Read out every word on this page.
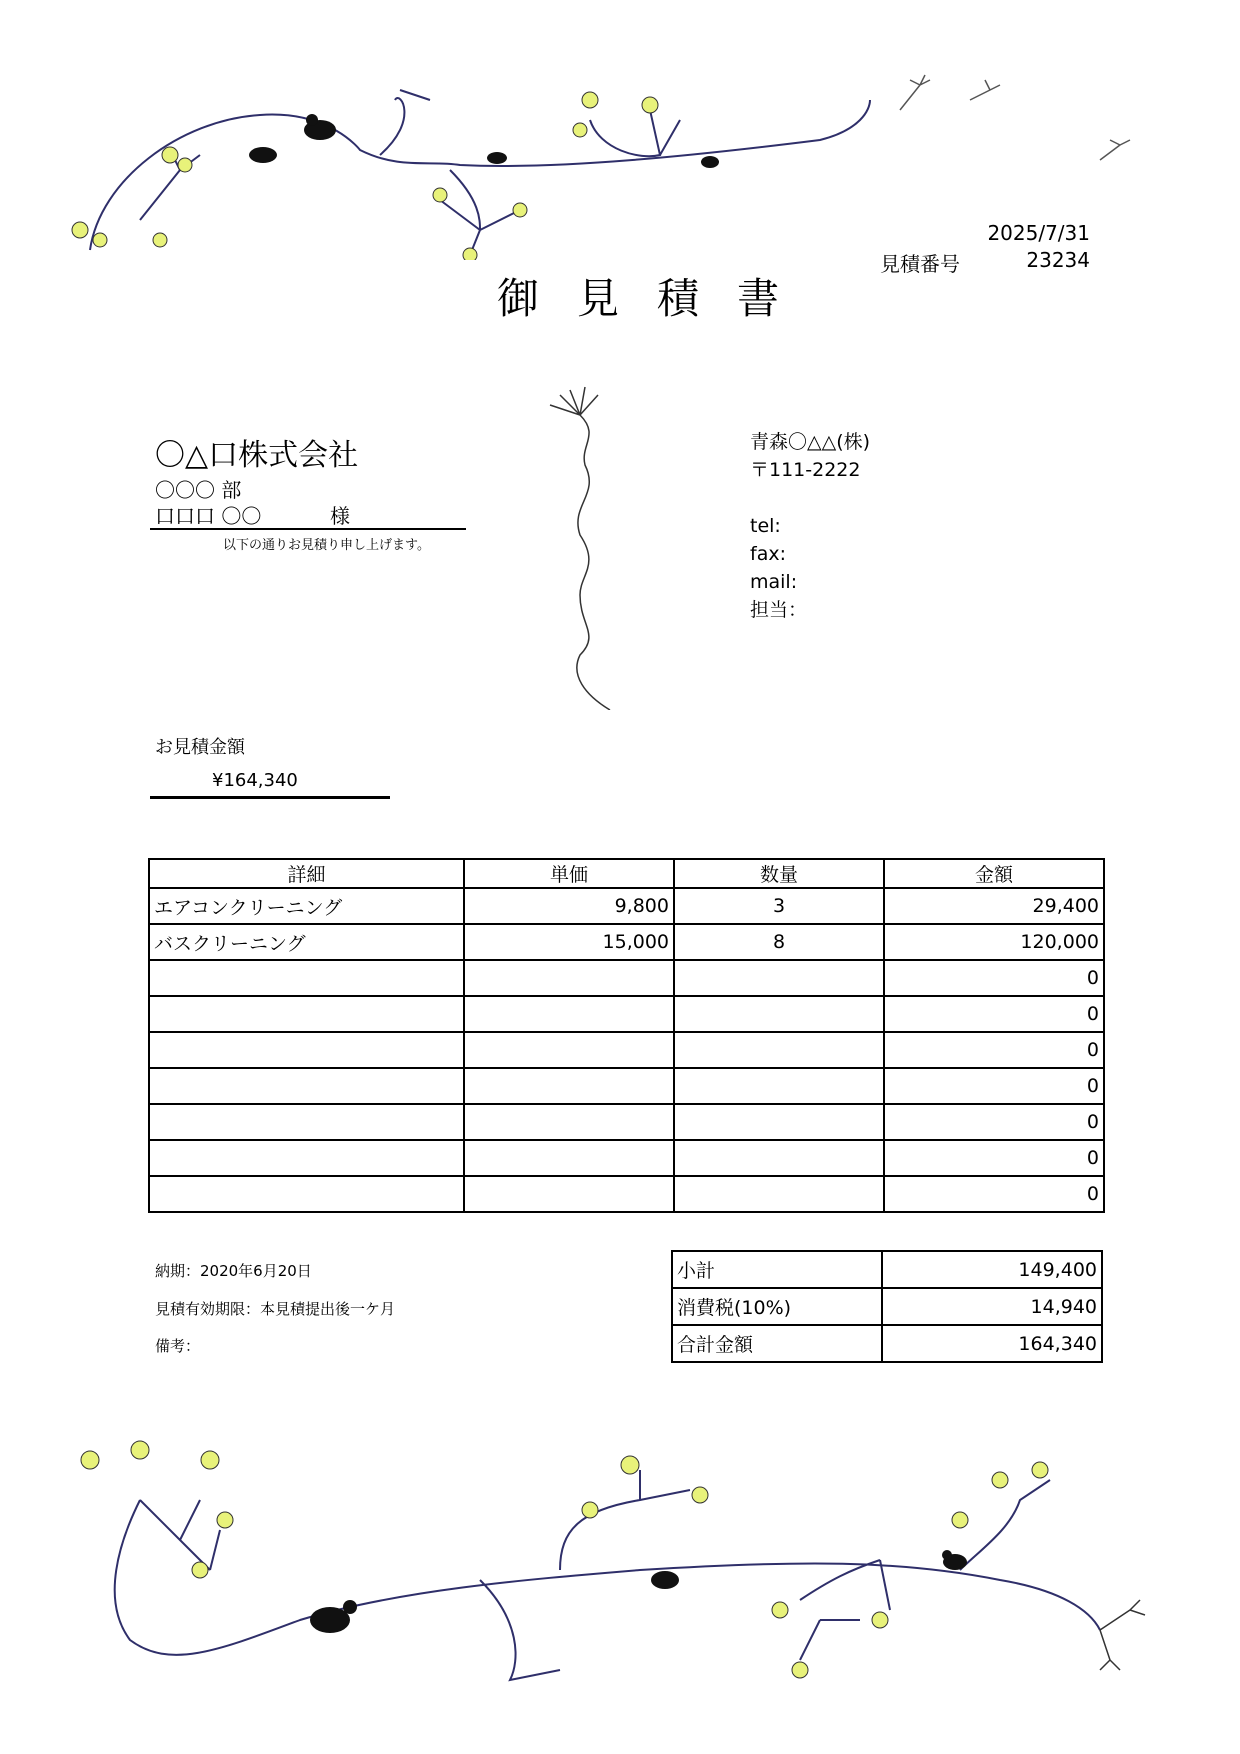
2025/7/31
見積番号	23234
御見積書
〇△口株式会社
〇〇〇 部
口口口 〇〇	様
以下の通りお見積り申し上げます。
青森〇△△(株)
〒111-2222
tel:
fax:
mail:
担当：
お見積金額
¥164,340
詳細	単価	数量	金額
エアコンクリーニング	9,800	3	29,400
バスクリーニング	15,000	8	120,000
			0
			0
			0
			0
			0
			0
			0
納期：2020年6月20日
見積有効期限：本見積提出後一ケ月
備考：
小計	149,400
消費税(10%)	14,940
合計金額	164,340
